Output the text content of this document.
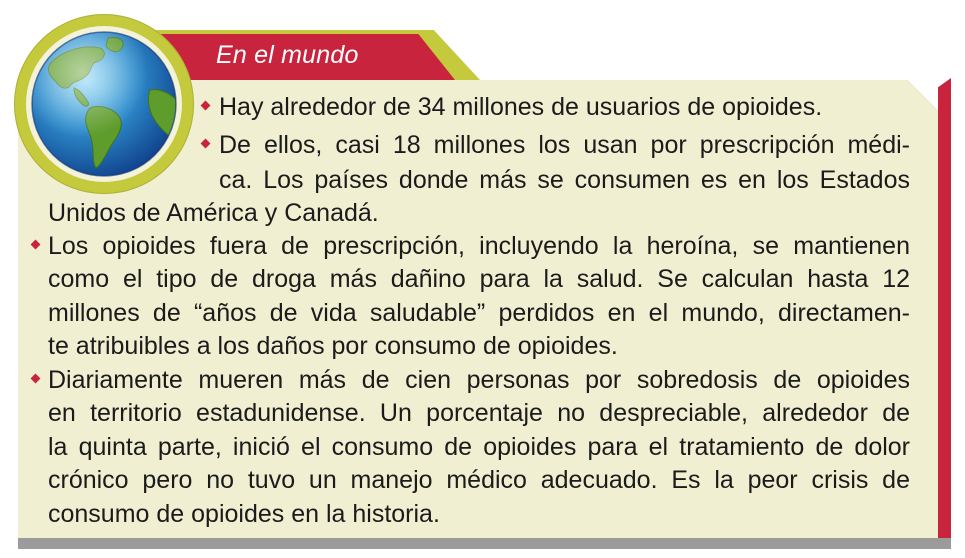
En el mundo
Hay alrededor de 34 millones de usuarios de opioides.
De ellos, casi 18 millones los usan por prescripción médi-
ca. Los países donde más se consumen es en los Estados
Unidos de América y Canadá.
Los opioides fuera de prescripción, incluyendo la heroína, se mantienen
como el tipo de droga más dañino para la salud. Se calculan hasta 12
millones de “años de vida saludable” perdidos en el mundo, directamen-
te atribuibles a los daños por consumo de opioides.
Diariamente mueren más de cien personas por sobredosis de opioides
en territorio estadunidense. Un porcentaje no despreciable, alrededor de
la quinta parte, inició el consumo de opioides para el tratamiento de dolor
crónico pero no tuvo un manejo médico adecuado. Es la peor crisis de
consumo de opioides en la historia.
